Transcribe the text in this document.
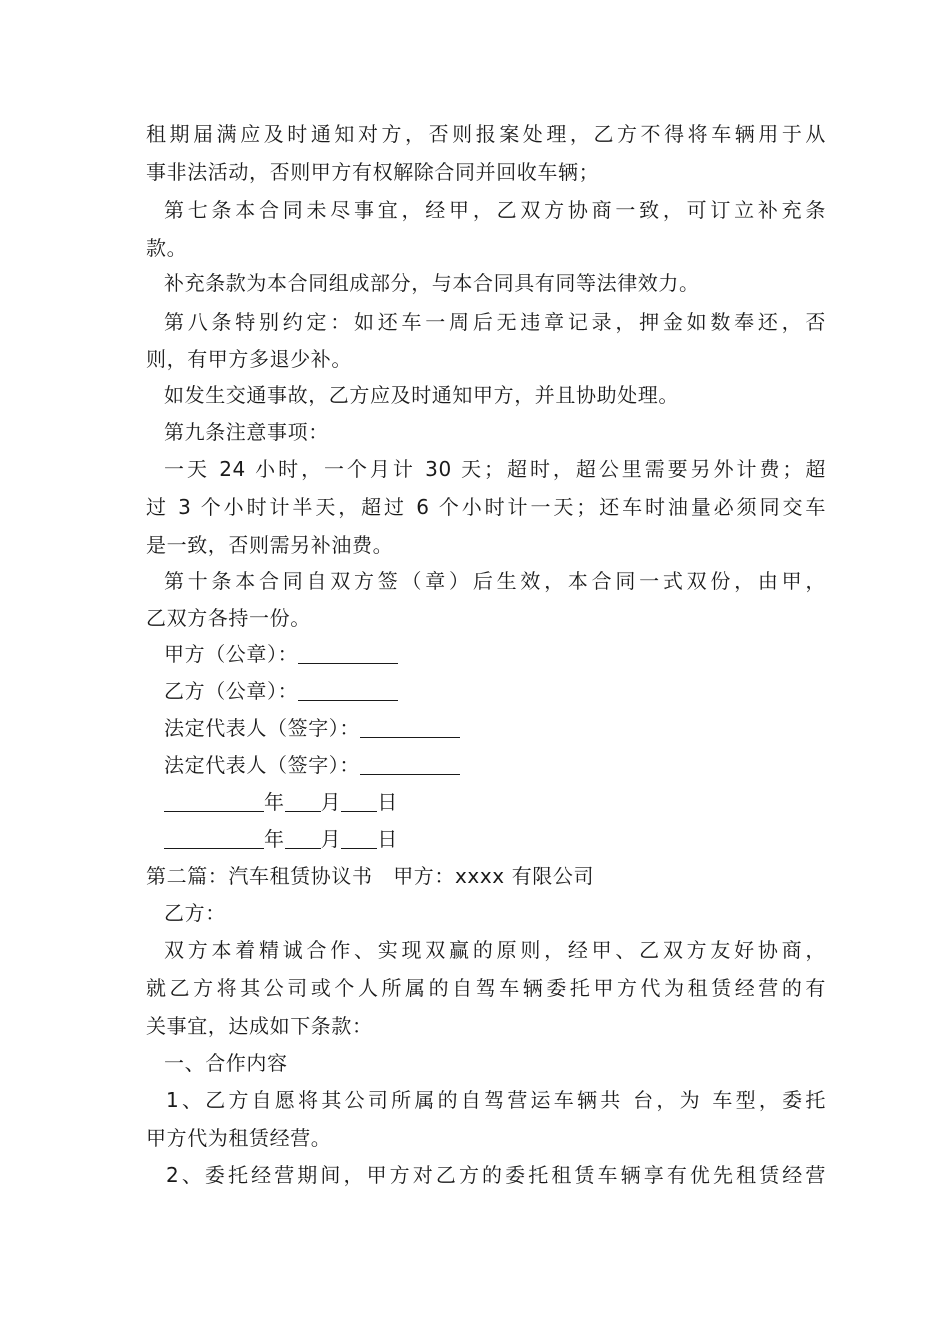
租期届满应及时通知对方，否则报案处理，乙方不得将车辆用于从
事非法活动，否则甲方有权解除合同并回收车辆；
第七条本合同未尽事宜，经甲，乙双方协商一致，可订立补充条
款。
补充条款为本合同组成部分，与本合同具有同等法律效力。
第八条特别约定：如还车一周后无违章记录，押金如数奉还，否
则，有甲方多退少补。
如发生交通事故，乙方应及时通知甲方，并且协助处理。
第九条注意事项：
一天 24 小时，一个月计 30 天；超时，超公里需要另外计费；超
过 3 个小时计半天，超过 6 个小时计一天；还车时油量必须同交车
是一致，否则需另补油费。
第十条本合同自双方签（章）后生效，本合同一式双份，由甲，
乙双方各持一份。
甲方（公章）：
乙方（公章）：
法定代表人（签字）：
法定代表人（签字）：
年 月 日
年 月 日
第二篇：汽车租赁协议书　甲方：xxxx 有限公司
乙方：
双方本着精诚合作、实现双赢的原则，经甲、乙双方友好协商，
就乙方将其公司或个人所属的自驾车辆委托甲方代为租赁经营的有
关事宜，达成如下条款：
一、合作内容
1、乙方自愿将其公司所属的自驾营运车辆共 台，为 车型，委托
甲方代为租赁经营。
2、委托经营期间，甲方对乙方的委托租赁车辆享有优先租赁经营
